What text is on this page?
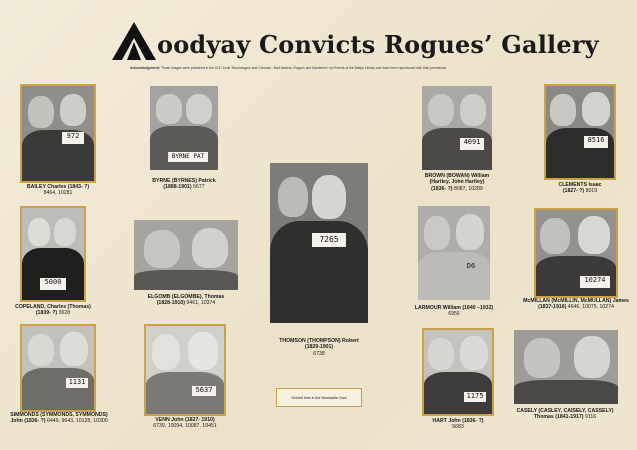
oodyay Convicts Rogues’ Gallery
Acknowledgement: These images were published in the 2017 book “Bushrangers and Convicts - Bad-dealers, Rogues and Murderers” by Friends of the Battye Library and have been reproduced with their permission.
972
BAILEY Charles (1843- ?)
8464, 10281
BYRNE PAT
BYRNE (BYRNES) Patrick
(1888-1901) 5677
7265
THOMSON (THOMPSON) Robert
(1829-1901)
6738
4091
BROWN (BOWAN) William
(Hartley, John Hartley)
(1836- ?) 8087, 10289
8516
CLEMENTS Isaac
(1827- ?) 8019
5000
COPELAND, Charles (Thomas)
(1839- ?) 3628
ELGOMB (ELGOMBE), Thomas
(1828-1910) 9461, 10374
D6
LARMOUR William (1840 –1932)
6956
10274
McMILLAN (McMILLIN, McMULLAN) James
(1837-1916) 4646, 10075, 10274
1131
SIMMONDS (SYMMONDS, SYMMONDS)
John (1836- ?) 6449, 9643, 10128, 10300
5637
VENN John (1827- 1910)
6739, 10094, 10087, 10451
Served time in the Newcastle Gaol	1175
HART John (1836- ?)
5683
CASELY (CASLEY, CAISELY, CASSELY)
Thomas (1841-1917) 9116
